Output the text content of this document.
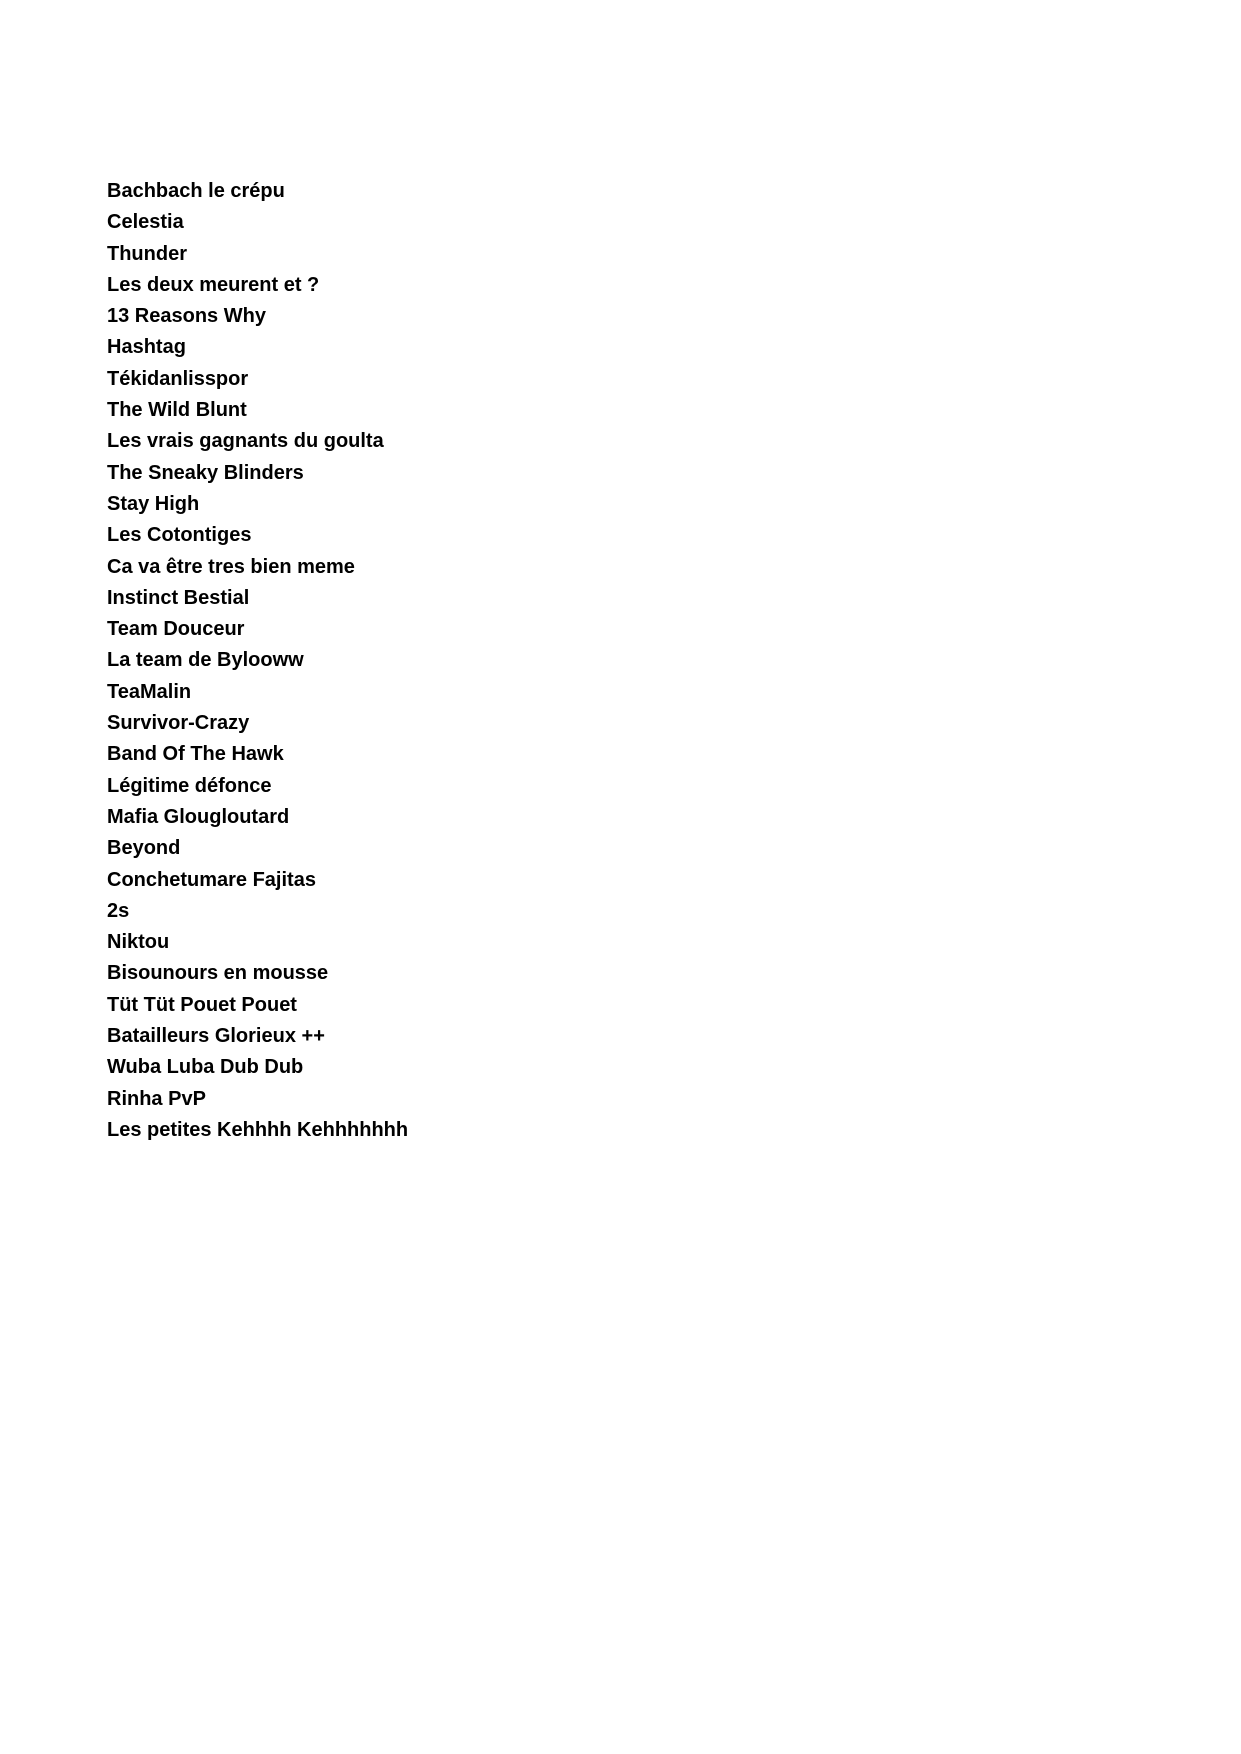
Bachbach le crépu
Celestia
Thunder
Les deux meurent et ?
13 Reasons Why
Hashtag
Tékidanlisspor
The Wild Blunt
Les vrais gagnants du goulta
The Sneaky Blinders
Stay High
Les Cotontiges
Ca va être tres bien meme
Instinct Bestial
Team Douceur
La team de Bylooww
TeaMalin
Survivor-Crazy
Band Of The Hawk
Légitime défonce
Mafia Glougloutard
Beyond
Conchetumare Fajitas
2s
Niktou
Bisounours en mousse
Tüt Tüt Pouet Pouet
Batailleurs Glorieux ++
Wuba Luba Dub Dub
Rinha PvP
Les petites Kehhhh Kehhhhhhh
